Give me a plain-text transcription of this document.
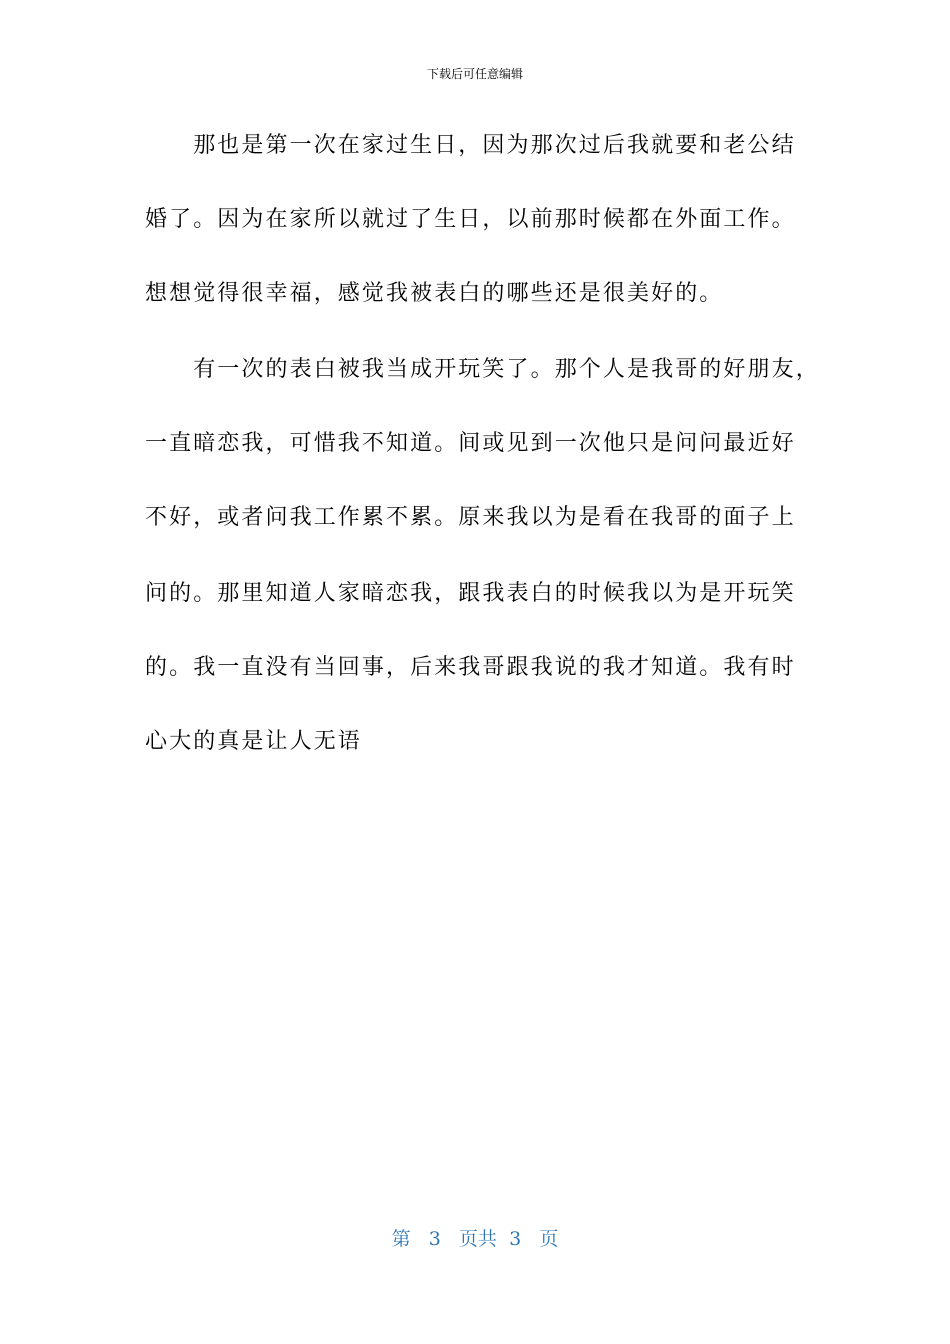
下载后可任意编辑
　　那也是第一次在家过生日，因为那次过后我就要和老公结
婚了。因为在家所以就过了生日，以前那时候都在外面工作。
想想觉得很幸福，感觉我被表白的哪些还是很美好的。
　　有一次的表白被我当成开玩笑了。那个人是我哥的好朋友，
一直暗恋我，可惜我不知道。间或见到一次他只是问问最近好
不好，或者问我工作累不累。原来我以为是看在我哥的面子上
问的。那里知道人家暗恋我，跟我表白的时候我以为是开玩笑
的。我一直没有当回事，后来我哥跟我说的我才知道。我有时
心大的真是让人无语
第 3 页共 3 页
